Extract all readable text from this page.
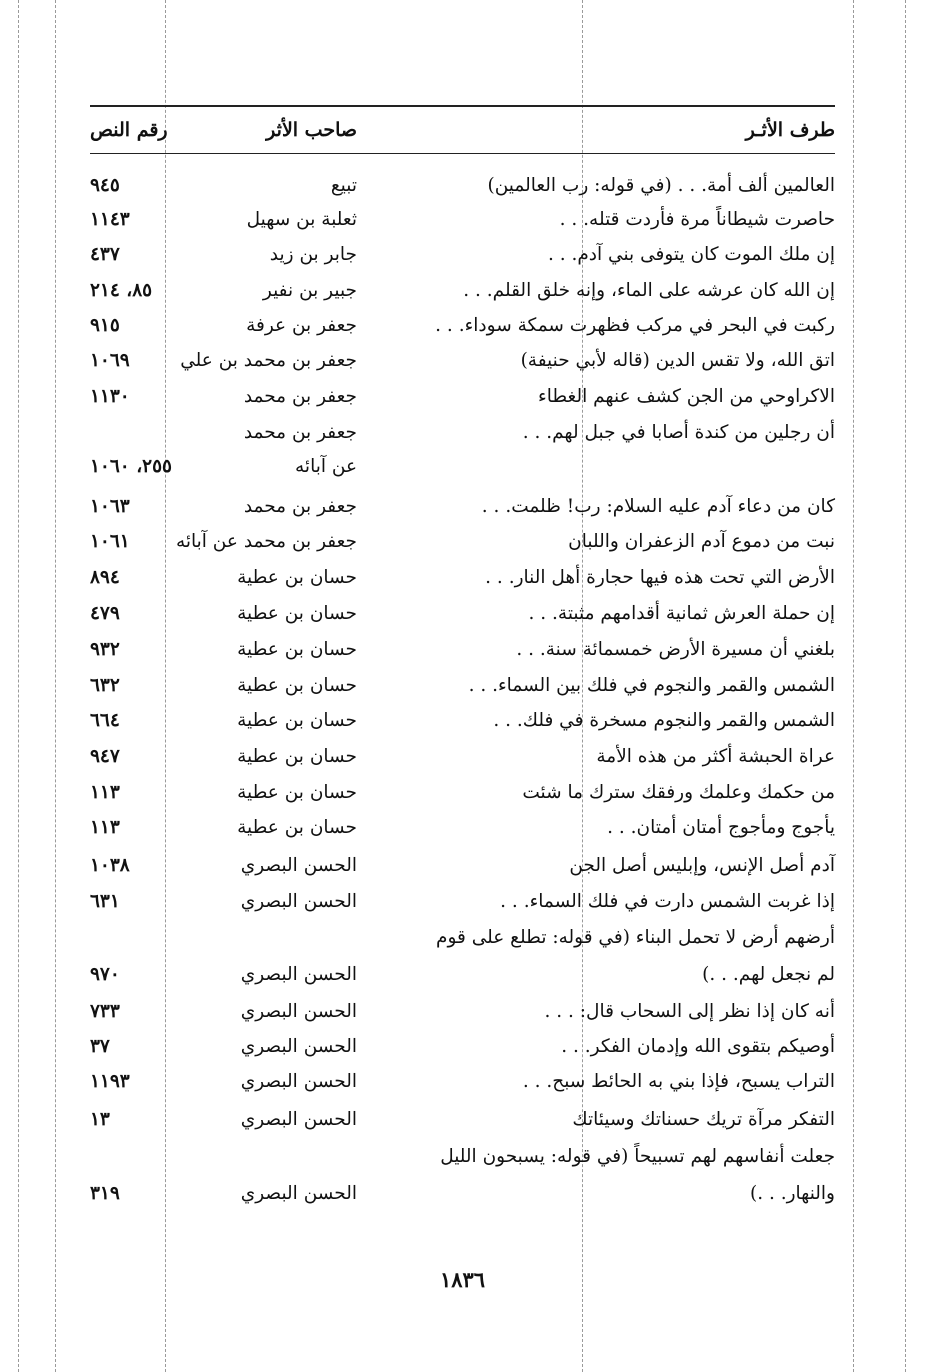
طرف الأثـر
صاحب الأثر
رقم النص
العالمين ألف أمة. . . (في قوله: رب العالمين)
تبيع
٩٤٥
حاصرت شيطاناً مرة فأردت قتله. . .
ثعلبة بن سهيل
١١٤٣
إن ملك الموت كان يتوفى بني آدم. . .
جابر بن زيد
٤٣٧
إن الله كان عرشه على الماء، وإنه خلق القلم. . .
جبير بن نفير
٨٥، ٢١٤
ركبت في البحر في مركب فظهرت سمكة سوداء. . .
جعفر بن عرفة
٩١٥
اتق الله، ولا تقس الدين (قاله لأبي حنيفة)
جعفر بن محمد بن علي
١٠٦٩
الاكراوحي من الجن كشف عنهم الغطاء
جعفر بن محمد
١١٣٠
أن رجلين من كندة أصابا في جبل لهم. . .
جعفر بن محمد
عن آبائه
٢٥٥، ١٠٦٠
كان من دعاء آدم عليه السلام: رب! ظلمت. . .
جعفر بن محمد
١٠٦٣
نبت من دموع آدم الزعفران واللبان
جعفر بن محمد عن آبائه
١٠٦١
الأرض التي تحت هذه فيها حجارة أهل النار. . .
حسان بن عطية
٨٩٤
إن حملة العرش ثمانية أقدامهم مثبتة. . .
حسان بن عطية
٤٧٩
بلغني أن مسيرة الأرض خمسمائة سنة. . .
حسان بن عطية
٩٣٢
الشمس والقمر والنجوم في فلك بين السماء. . .
حسان بن عطية
٦٣٢
الشمس والقمر والنجوم مسخرة في فلك. . .
حسان بن عطية
٦٦٤
عراة الحبشة أكثر من هذه الأمة
حسان بن عطية
٩٤٧
من حكمك وعلمك ورفقك سترك ما شئت
حسان بن عطية
١١٣
يأجوج ومأجوج أمتان أمتان. . .
حسان بن عطية
١١٣
آدم أصل الإنس، وإبليس أصل الجن
الحسن البصري
١٠٣٨
إذا غربت الشمس دارت في فلك السماء. . .
الحسن البصري
٦٣١
أرضهم أرض لا تحمل البناء (في قوله: تطلع على قوم
لم نجعل لهم. . .)
الحسن البصري
٩٧٠
أنه كان إذا نظر إلى السحاب قال: . . .
الحسن البصري
٧٣٣
أوصيكم بتقوى الله وإدمان الفكر. . .
الحسن البصري
٣٧
التراب يسبح، فإذا بني به الحائط سبح. . .
الحسن البصري
١١٩٣
التفكر مرآة تريك حسناتك وسيئاتك
الحسن البصري
١٣
جعلت أنفاسهم لهم تسبيحاً (في قوله: يسبحون الليل
والنهار. . .)
الحسن البصري
٣١٩
١٨٣٦
